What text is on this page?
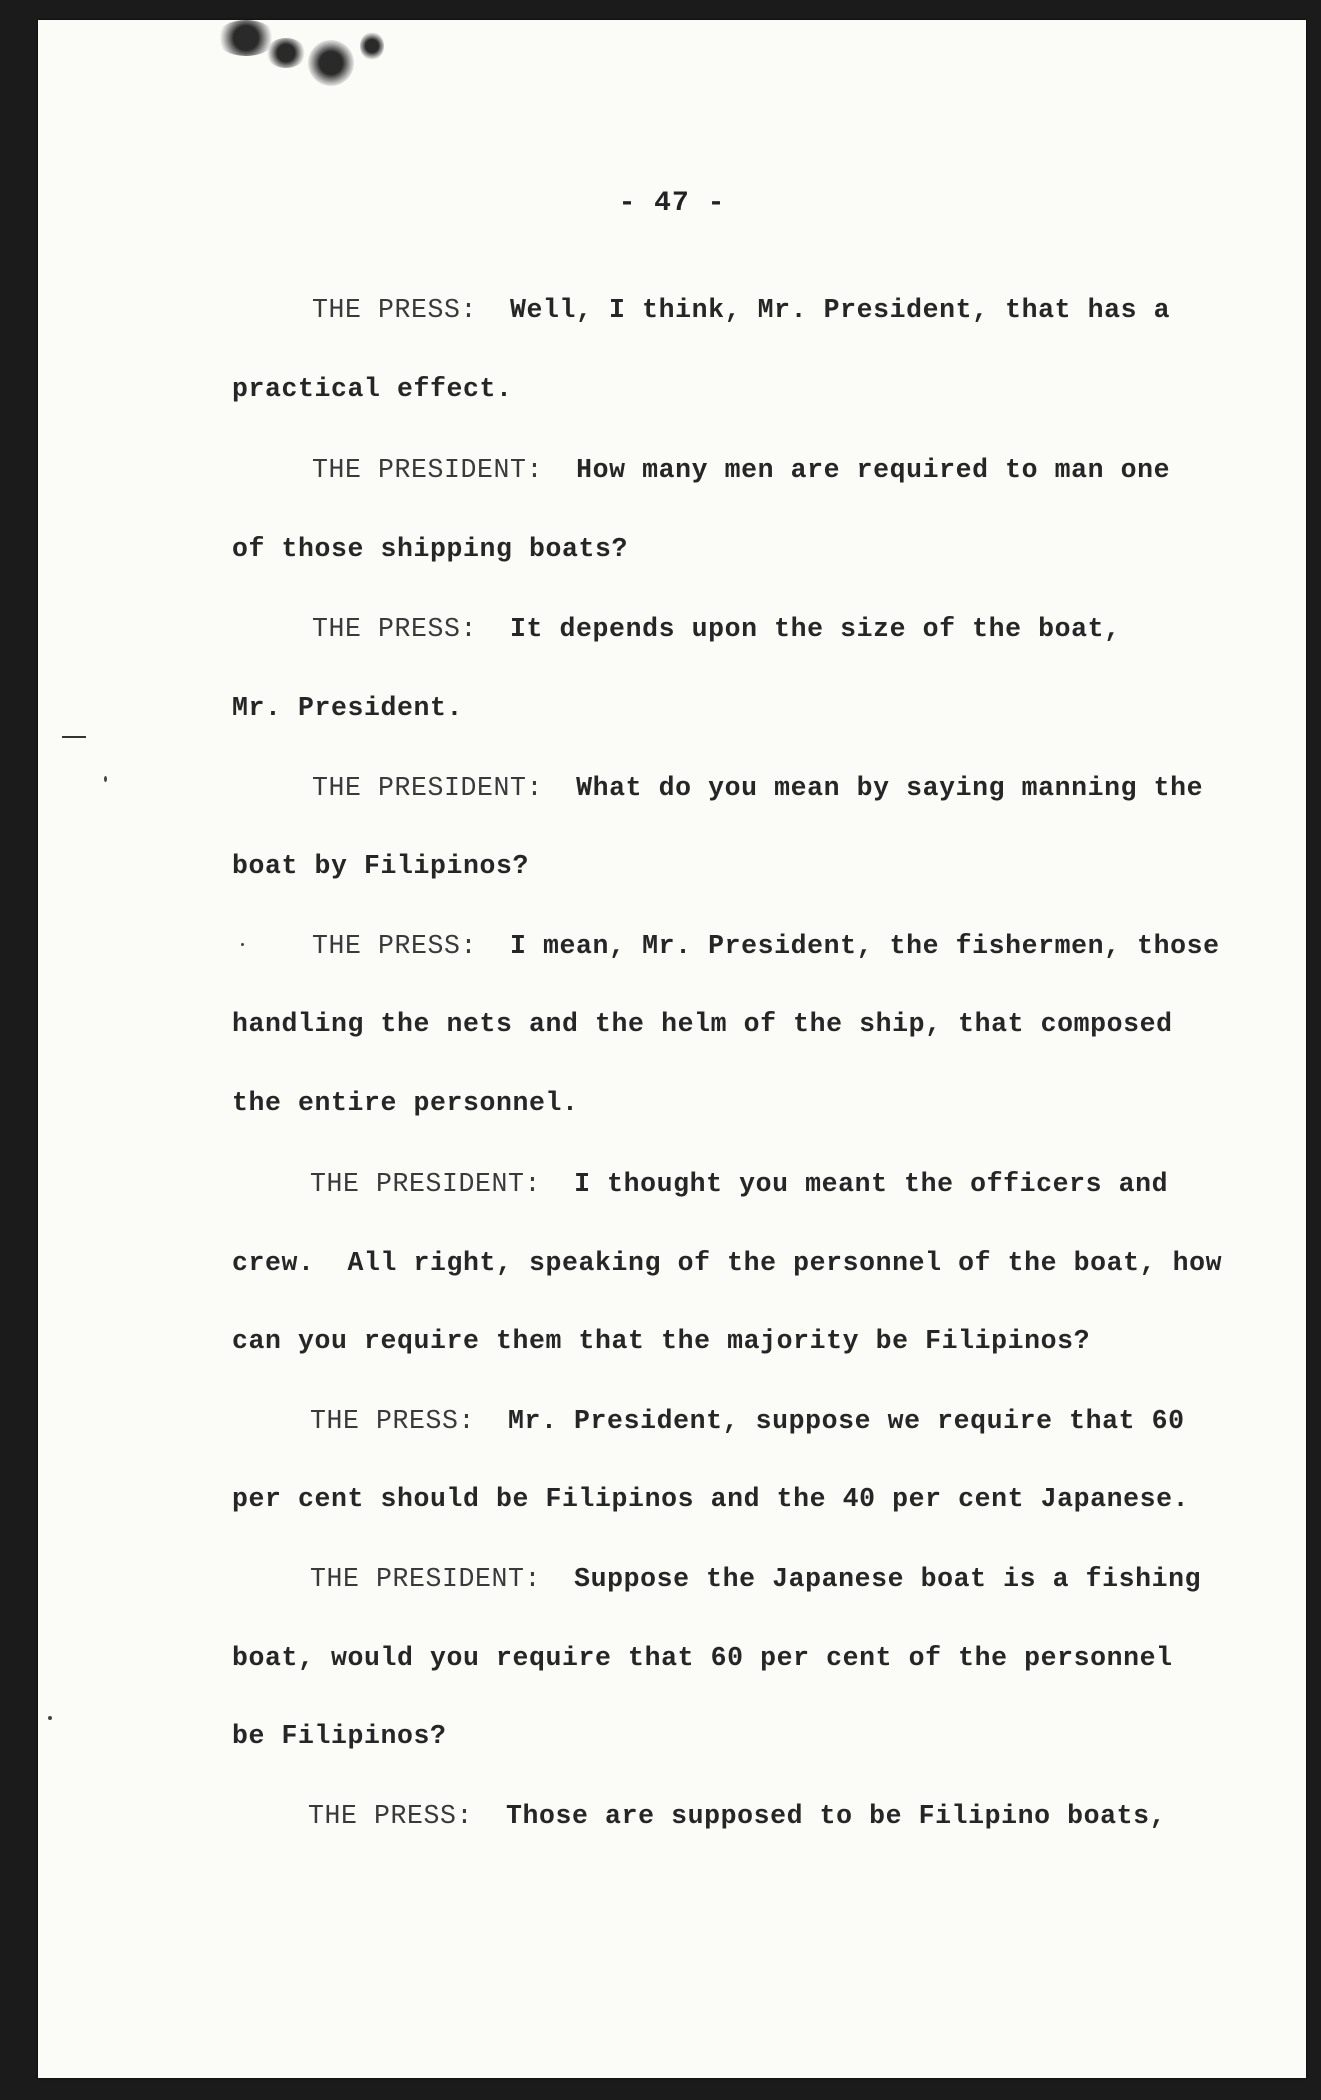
- 47 -
THE PRESS: Well, I think, Mr. President, that has a
practical effect.
THE PRESIDENT: How many men are required to man one
of those shipping boats?
THE PRESS: It depends upon the size of the boat,
Mr. President.
THE PRESIDENT: What do you mean by saying manning the
boat by Filipinos?
THE PRESS: I mean, Mr. President, the fishermen, those
handling the nets and the helm of the ship, that composed
the entire personnel.
THE PRESIDENT: I thought you meant the officers and
crew.  All right, speaking of the personnel of the boat, how
can you require them that the majority be Filipinos?
THE PRESS: Mr. President, suppose we require that 60
per cent should be Filipinos and the 40 per cent Japanese.
THE PRESIDENT: Suppose the Japanese boat is a fishing
boat, would you require that 60 per cent of the personnel
be Filipinos?
THE PRESS: Those are supposed to be Filipino boats,
